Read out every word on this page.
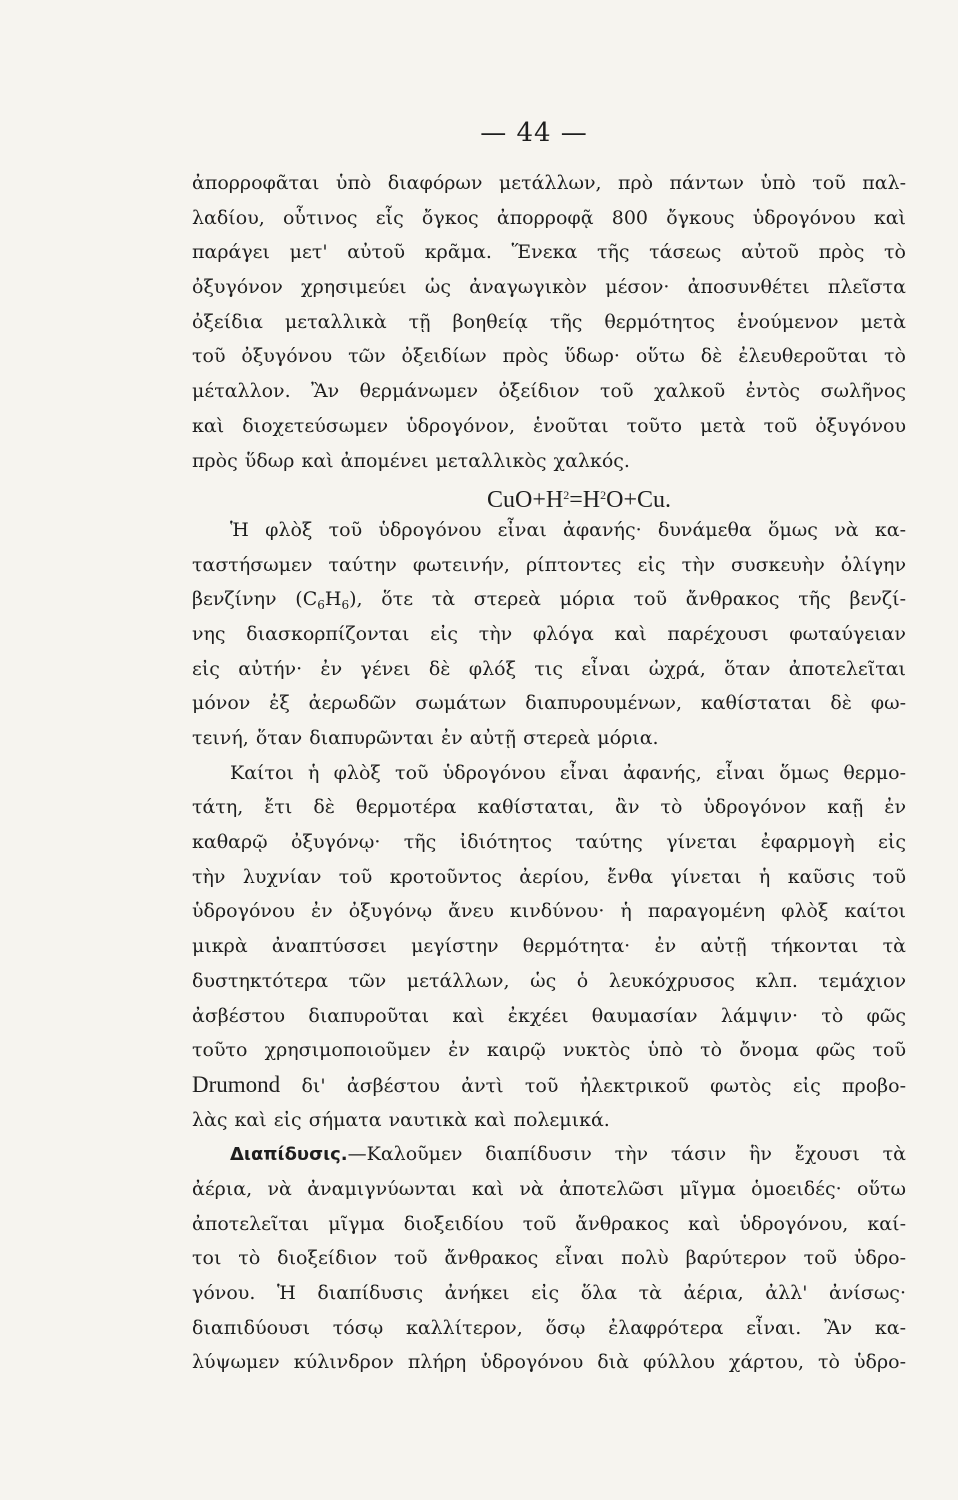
— 44 —
ἀπορροφᾶται ὑπὸ διαφόρων μετάλλων, πρὸ πάντων ὑπὸ τοῦ παλ-
λαδίου, οὗτινος εἷς ὄγκος ἀπορροφᾷ 800 ὄγκους ὑδρογόνου καὶ
παράγει μετ' αὐτοῦ κρᾶμα. Ἕνεκα τῆς τάσεως αὐτοῦ πρὸς τὸ
ὀξυγόνον χρησιμεύει ὡς ἀναγωγικὸν μέσον· ἀποσυνθέτει πλεῖστα
ὀξείδια μεταλλικὰ τῇ βοηθείᾳ τῆς θερμότητος ἑνούμενον μετὰ
τοῦ ὀξυγόνου τῶν ὀξειδίων πρὸς ὕδωρ· οὕτω δὲ ἐλευθεροῦται τὸ
μέταλλον. Ἂν θερμάνωμεν ὀξείδιον τοῦ χαλκοῦ ἐντὸς σωλῆνος
καὶ διοχετεύσωμεν ὑδρογόνον, ἑνοῦται τοῦτο μετὰ τοῦ ὀξυγόνου
πρὸς ὕδωρ καὶ ἀπομένει μεταλλικὸς χαλκός.
$CuO+H^2=H^2O+Cu$.
Ἡ φλὸξ τοῦ ὑδρογόνου εἶναι ἀφανής· δυνάμεθα ὅμως νὰ κα-
ταστήσωμεν ταύτην φωτεινήν, ρίπτοντες εἰς τὴν συσκευὴν ὀλίγην
βενζίνην $(C_6H_6)$, ὅτε τὰ στερεὰ μόρια τοῦ ἄνθρακος τῆς βενζί-
νης διασκορπίζονται εἰς τὴν φλόγα καὶ παρέχουσι φωταύγειαν
εἰς αὐτήν· ἐν γένει δὲ φλόξ τις εἶναι ὠχρά, ὅταν ἀποτελεῖται
μόνον ἐξ ἀερωδῶν σωμάτων διαπυρουμένων, καθίσταται δὲ φω-
τεινή, ὅταν διαπυρῶνται ἐν αὐτῇ στερεὰ μόρια.
Καίτοι ἡ φλὸξ τοῦ ὑδρογόνου εἶναι ἀφανής, εἶναι ὅμως θερμο-
τάτη, ἔτι δὲ θερμοτέρα καθίσταται, ἂν τὸ ὑδρογόνον καῇ ἐν
καθαρῷ ὀξυγόνῳ· τῆς ἰδιότητος ταύτης γίνεται ἐφαρμογὴ εἰς
τὴν λυχνίαν τοῦ κροτοῦντος ἀερίου, ἔνθα γίνεται ἡ καῦσις τοῦ
ὑδρογόνου ἐν ὀξυγόνῳ ἄνευ κινδύνου· ἡ παραγομένη φλὸξ καίτοι
μικρὰ ἀναπτύσσει μεγίστην θερμότητα· ἐν αὐτῇ τήκονται τὰ
δυστηκτότερα τῶν μετάλλων, ὡς ὁ λευκόχρυσος κλπ. τεμάχιον
ἀσβέστου διαπυροῦται καὶ ἐκχέει θαυμασίαν λάμψιν· τὸ φῶς
τοῦτο χρησιμοποιοῦμεν ἐν καιρῷ νυκτὸς ὑπὸ τὸ ὄνομα φῶς τοῦ
Drumond δι' ἀσβέστου ἀντὶ τοῦ ἠλεκτρικοῦ φωτὸς εἰς προβο-
λὰς καὶ εἰς σήματα ναυτικὰ καὶ πολεμικά.
Διαπίδυσις.—Καλοῦμεν διαπίδυσιν τὴν τάσιν ἣν ἔχουσι τὰ
ἀέρια, νὰ ἀναμιγνύωνται καὶ νὰ ἀποτελῶσι μῖγμα ὁμοειδές· οὕτω
ἀποτελεῖται μῖγμα διοξειδίου τοῦ ἄνθρακος καὶ ὑδρογόνου, καί-
τοι τὸ διοξείδιον τοῦ ἄνθρακος εἶναι πολὺ βαρύτερον τοῦ ὑδρο-
γόνου. Ἡ διαπίδυσις ἀνήκει εἰς ὅλα τὰ ἀέρια, ἀλλ' ἀνίσως·
διαπιδύουσι τόσῳ καλλίτερον, ὅσῳ ἐλαφρότερα εἶναι. Ἂν κα-
λύψωμεν κύλινδρον πλήρη ὑδρογόνου διὰ φύλλου χάρτου, τὸ ὑδρο-
